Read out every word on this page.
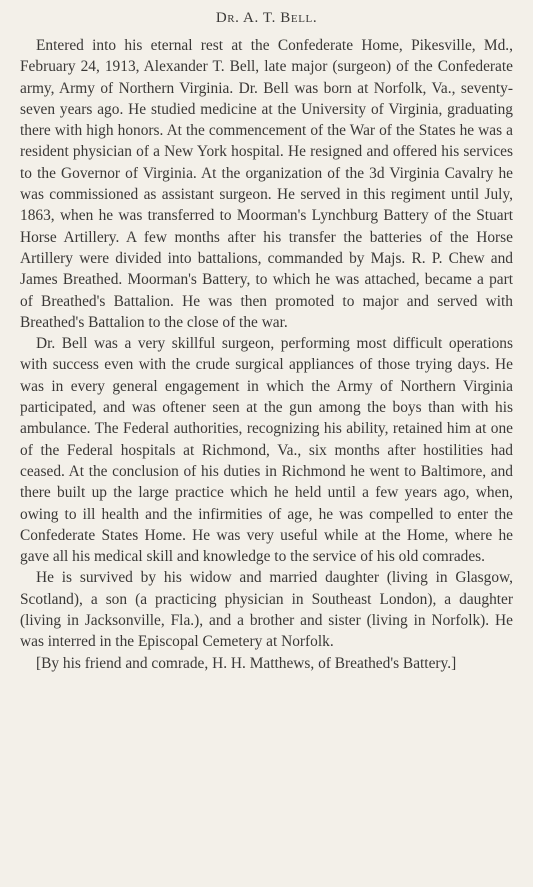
Dr. A. T. Bell.

Entered into his eternal rest at the Confederate Home, Pikesville, Md., February 24, 1913, Alexander T. Bell, late major (surgeon) of the Confederate army, Army of Northern Virginia. Dr. Bell was born at Norfolk, Va., seventy-seven years ago. He studied medicine at the University of Virginia, graduating there with high honors. At the commencement of the War of the States he was a resident physician of a New York hospital. He resigned and offered his services to the Governor of Virginia. At the organization of the 3d Virginia Cavalry he was commissioned as assistant surgeon. He served in this regiment until July, 1863, when he was transferred to Moorman's Lynchburg Battery of the Stuart Horse Artillery. A few months after his transfer the batteries of the Horse Artillery were divided into battalions, commanded by Majs. R. P. Chew and James Breathed. Moorman's Battery, to which he was attached, became a part of Breathed's Battalion. He was then promoted to major and served with Breathed's Battalion to the close of the war.

Dr. Bell was a very skillful surgeon, performing most difficult operations with success even with the crude surgical appliances of those trying days. He was in every general engagement in which the Army of Northern Virginia participated, and was oftener seen at the gun among the boys than with his ambulance. The Federal authorities, recognizing his ability, retained him at one of the Federal hospitals at Richmond, Va., six months after hostilities had ceased. At the conclusion of his duties in Richmond he went to Baltimore, and there built up the large practice which he held until a few years ago, when, owing to ill health and the infirmities of age, he was compelled to enter the Confederate States Home. He was very useful while at the Home, where he gave all his medical skill and knowledge to the service of his old comrades.

He is survived by his widow and married daughter (living in Glasgow, Scotland), a son (a practicing physician in Southeast London), a daughter (living in Jacksonville, Fla.), and a brother and sister (living in Norfolk). He was interred in the Episcopal Cemetery at Norfolk.

[By his friend and comrade, H. H. Matthews, of Breathed's Battery.]
